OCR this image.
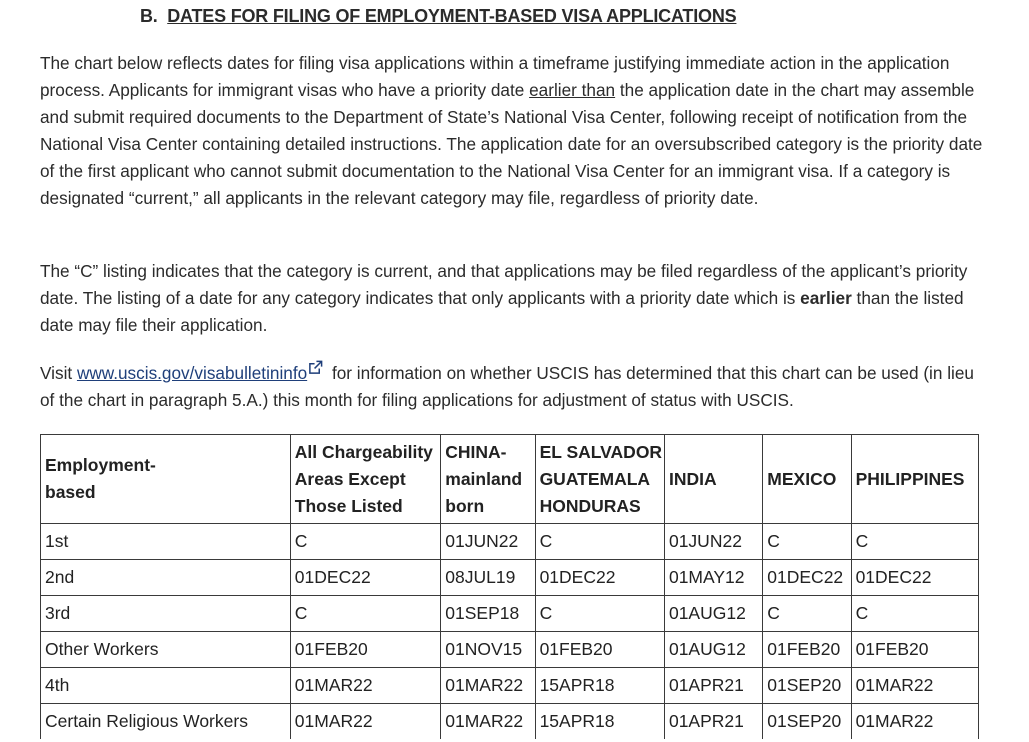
B. DATES FOR FILING OF EMPLOYMENT-BASED VISA APPLICATIONS

The chart below reflects dates for filing visa applications within a timeframe justifying immediate action in the application process. Applicants for immigrant visas who have a priority date earlier than the application date in the chart may assemble and submit required documents to the Department of State’s National Visa Center, following receipt of notification from the National Visa Center containing detailed instructions. The application date for an oversubscribed category is the priority date of the first applicant who cannot submit documentation to the National Visa Center for an immigrant visa. If a category is designated “current,” all applicants in the relevant category may file, regardless of priority date.

The “C” listing indicates that the category is current, and that applications may be filed regardless of the applicant’s priority date. The listing of a date for any category indicates that only applicants with a priority date which is earlier than the listed date may file their application.

Visit www.uscis.gov/visabulletininfo for information on whether USCIS has determined that this chart can be used (in lieu of the chart in paragraph 5.A.) this month for filing applications for adjustment of status with USCIS.

Employment-
based	All Chargeability
Areas Except
Those Listed	CHINA-
mainland
born	EL SALVADOR
GUATEMALA
HONDURAS	INDIA	MEXICO	PHILIPPINES
1st	C	01JUN22	C	01JUN22	C	C
2nd	01DEC22	08JUL19	01DEC22	01MAY12	01DEC22	01DEC22
3rd	C	01SEP18	C	01AUG12	C	C
Other Workers	01FEB20	01NOV15	01FEB20	01AUG12	01FEB20	01FEB20
4th	01MAR22	01MAR22	15APR18	01APR21	01SEP20	01MAR22
Certain Religious Workers	01MAR22	01MAR22	15APR18	01APR21	01SEP20	01MAR22
